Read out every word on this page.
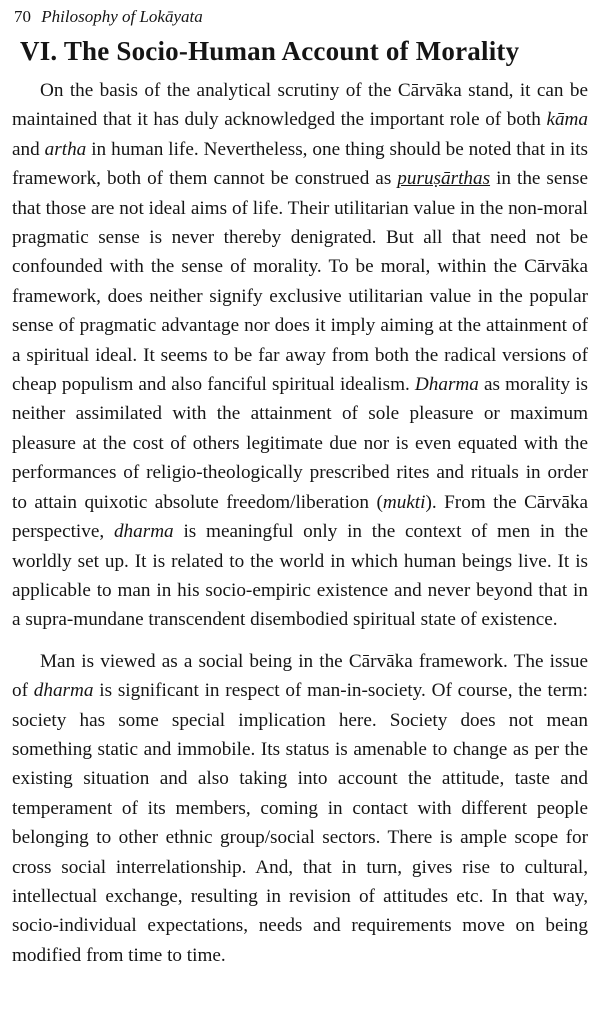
70 Philosophy of Lokāyata
VI. The Socio-Human Account of Morality

On the basis of the analytical scrutiny of the Cārvāka stand, it can be maintained that it has duly acknowledged the important role of both kāma and artha in human life. Nevertheless, one thing should be noted that in its framework, both of them cannot be construed as puruṣārthas in the sense that those are not ideal aims of life. Their utilitarian value in the non-moral pragmatic sense is never thereby denigrated. But all that need not be confounded with the sense of morality. To be moral, within the Cārvāka framework, does neither signify exclusive utilitarian value in the popular sense of pragmatic advantage nor does it imply aiming at the attainment of a spiritual ideal. It seems to be far away from both the radical versions of cheap populism and also fanciful spiritual idealism. Dharma as morality is neither assimilated with the attainment of sole pleasure or maximum pleasure at the cost of others legitimate due nor is even equated with the performances of religio-theologically prescribed rites and rituals in order to attain quixotic absolute freedom/liberation (mukti). From the Cārvāka perspective, dharma is meaningful only in the context of men in the worldly set up. It is related to the world in which human beings live. It is applicable to man in his socio-empiric existence and never beyond that in a supra-mundane transcendent disembodied spiritual state of existence.

Man is viewed as a social being in the Cārvāka framework. The issue of dharma is significant in respect of man-in-society. Of course, the term: society has some special implication here. Society does not mean something static and immobile. Its status is amenable to change as per the existing situation and also taking into account the attitude, taste and temperament of its members, coming in contact with different people belonging to other ethnic group/social sectors. There is ample scope for cross social interrelationship. And, that in turn, gives rise to cultural, intellectual exchange, resulting in revision of attitudes etc. In that way, socio-individual expectations, needs and requirements move on being modified from time to time.
